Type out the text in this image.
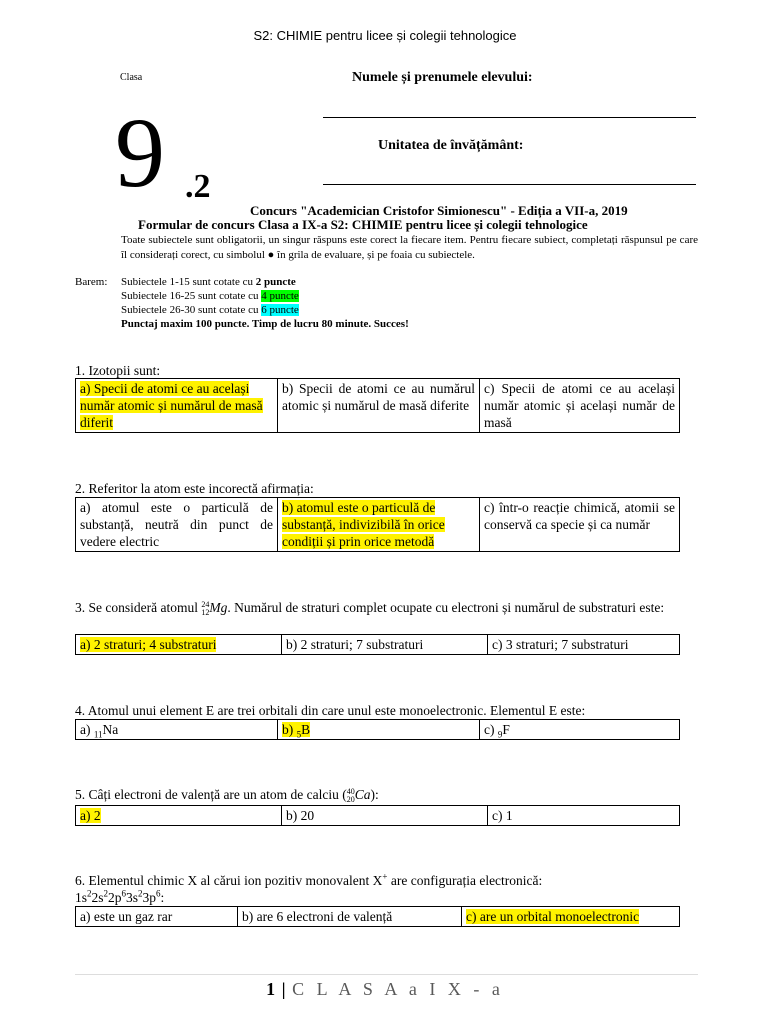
S2: CHIMIE pentru licee și colegii tehnologice
Clasa	Numele și prenumele elevului:
Unitatea de învățământ:
9 .2
Concurs "Academician Cristofor Simionescu" - Ediția a VII-a, 2019
Formular de concurs Clasa a IX-a S2: CHIMIE pentru licee și colegii tehnologice
Toate subiectele sunt obligatorii, un singur răspuns este corect la fiecare item. Pentru fiecare subiect, completați răspunsul pe care îl considerați corect, cu simbolul ● în grila de evaluare, și pe foaia cu subiectele.
Barem: Subiectele 1-15 sunt cotate cu 2 puncte
Subiectele 16-25 sunt cotate cu 4 puncte
Subiectele 26-30 sunt cotate cu 6 puncte
Punctaj maxim 100 puncte. Timp de lucru 80 minute. Succes!
1. Izotopii sunt:
a) Specii de atomi ce au același număr atomic și numărul de masă diferit	b) Specii de atomi ce au numărul atomic și numărul de masă diferite	c) Specii de atomi ce au același număr atomic și același număr de masă
2. Referitor la atom este incorectă afirmația:
a) atomul este o particulă de substanță, neutră din punct de vedere electric	b) atomul este o particulă de substanță, indivizibilă în orice condiții și prin orice metodă	c) într-o reacție chimică, atomii se conservă ca specie și ca număr
3. Se consideră atomul 24
12 Mg. Numărul de straturi complet ocupate cu electroni și numărul de substraturi este:
a) 2 straturi; 4 substraturi	b) 2 straturi; 7 substraturi	c) 3 straturi; 7 substraturi
4. Atomul unui element E are trei orbitali din care unul este monoelectronic. Elementul E este:
a) $_{11}$Na	b) $_5$B	c) $_9$F
5. Câți electroni de valență are un atom de calciu ( 40
20 Ca):
a) 2	b) 20	c) 1
6. Elementul chimic X al cărui ion pozitiv monovalent X+ are configurația electronică:
$1s^22s^22p^63s^23p^6$:
a) este un gaz rar	b) are 6 electroni de valență	c) are un orbital monoelectronic
1 | C L A S A a I X - a
